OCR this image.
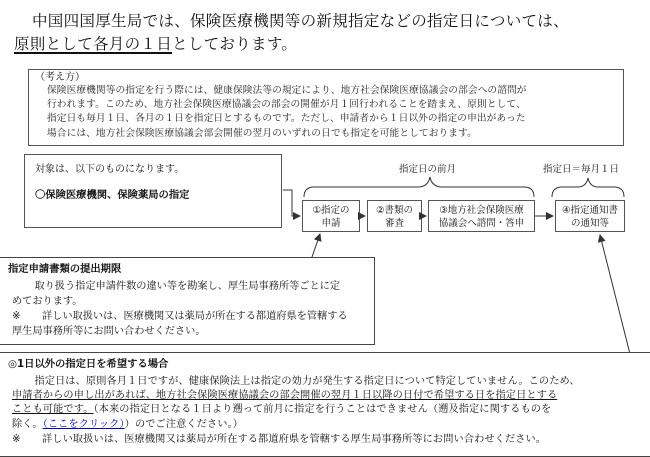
中国四国厚生局では、保険医療機関等の新規指定などの指定日については、
原則として各月の１日としております。
（考え方）
保険医療機関等の指定を行う際には、健康保険法等の規定により、地方社会保険医療協議会の部会への諮問が
行われます。このため、地方社会保険医療協議会の部会の開催が月１回行われることを踏まえ、原則として、
指定日も毎月１日、各月の１日を指定日とするものです。ただし、申請者から１日以外の指定の申出があった
場合には、地方社会保険医療協議会部会開催の翌月のいずれの日でも指定を可能としております。
対象は、以下のものになります。
〇保険医療機関、保険薬局の指定
指定日の前月	指定日＝毎月１日
①指定の
申請
②書類の
審査
③地方社会保険医療
協議会へ諮問・答申
④指定通知書
の通知等
指定申請書類の提出期限
取り扱う指定申請件数の違い等を勘案し、厚生局事務所等ごとに定
めております。
※	詳しい取扱いは、医療機関又は薬局が所在する都道府県を管轄する
厚生局事務所等にお問い合わせください。
◎1日以外の指定日を希望する場合
指定日は、原則各月１日ですが、健康保険法上は指定の効力が発生する指定日について特定していません。このため、
申請者からの申し出があれば、地方社会保険医療協議会の部会開催の翌月１日以降の日付で希望する日を指定日とする
ことも可能です。（本来の指定日となる１日より遡って前月に指定を行うことはできません（遡及指定に関するものを
除く。（ここをクリック））のでご注意ください。）
※	詳しい取扱いは、医療機関又は薬局が所在する都道府県を管轄する厚生局事務所等にお問い合わせください。
